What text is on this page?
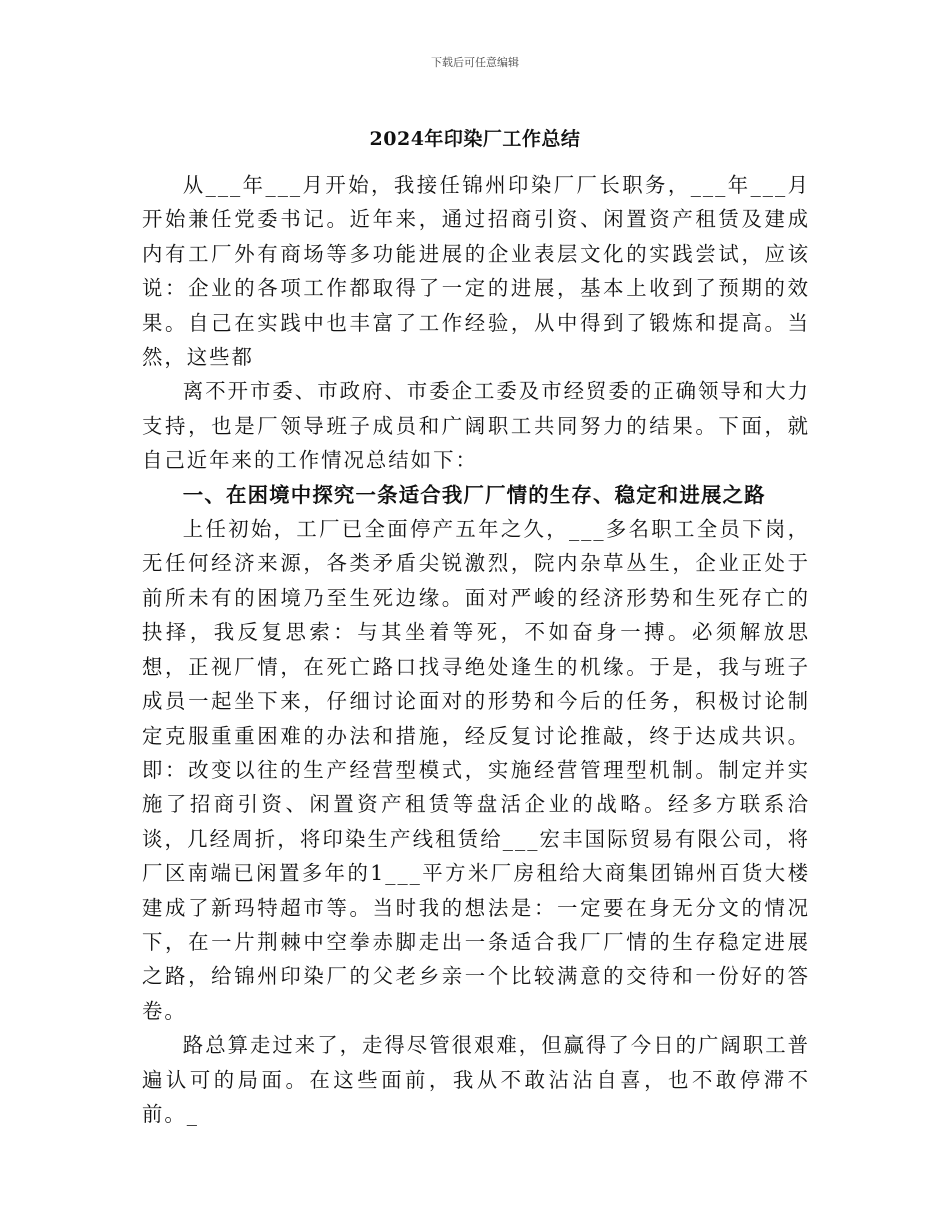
下载后可任意编辑
2024年印染厂工作总结

从___年___月开始，我接任锦州印染厂厂长职务，___年___月开始兼任党委书记。近年来，通过招商引资、闲置资产租赁及建成内有工厂外有商场等多功能进展的企业表层文化的实践尝试，应该说：企业的各项工作都取得了一定的进展，基本上收到了预期的效果。自己在实践中也丰富了工作经验，从中得到了锻炼和提高。当然，这些都

离不开市委、市政府、市委企工委及市经贸委的正确领导和大力支持，也是厂领导班子成员和广阔职工共同努力的结果。下面，就自己近年来的工作情况总结如下：

一、在困境中探究一条适合我厂厂情的生存、稳定和进展之路

上任初始，工厂已全面停产五年之久，___多名职工全员下岗，无任何经济来源，各类矛盾尖锐激烈，院内杂草丛生，企业正处于前所未有的困境乃至生死边缘。面对严峻的经济形势和生死存亡的抉择，我反复思索：与其坐着等死，不如奋身一搏。必须解放思想，正视厂情，在死亡路口找寻绝处逢生的机缘。于是，我与班子成员一起坐下来，仔细讨论面对的形势和今后的任务，积极讨论制定克服重重困难的办法和措施，经反复讨论推敲，终于达成共识。即：改变以往的生产经营型模式，实施经营管理型机制。制定并实施了招商引资、闲置资产租赁等盘活企业的战略。经多方联系洽谈，几经周折，将印染生产线租赁给___宏丰国际贸易有限公司，将厂区南端已闲置多年的1___平方米厂房租给大商集团锦州百货大楼建成了新玛特超市等。当时我的想法是：一定要在身无分文的情况下，在一片荆棘中空拳赤脚走出一条适合我厂厂情的生存稳定进展之路，给锦州印染厂的父老乡亲一个比较满意的交待和一份好的答卷。

路总算走过来了，走得尽管很艰难，但赢得了今日的广阔职工普遍认可的局面。在这些面前，我从不敢沾沾自喜，也不敢停滞不前。_
